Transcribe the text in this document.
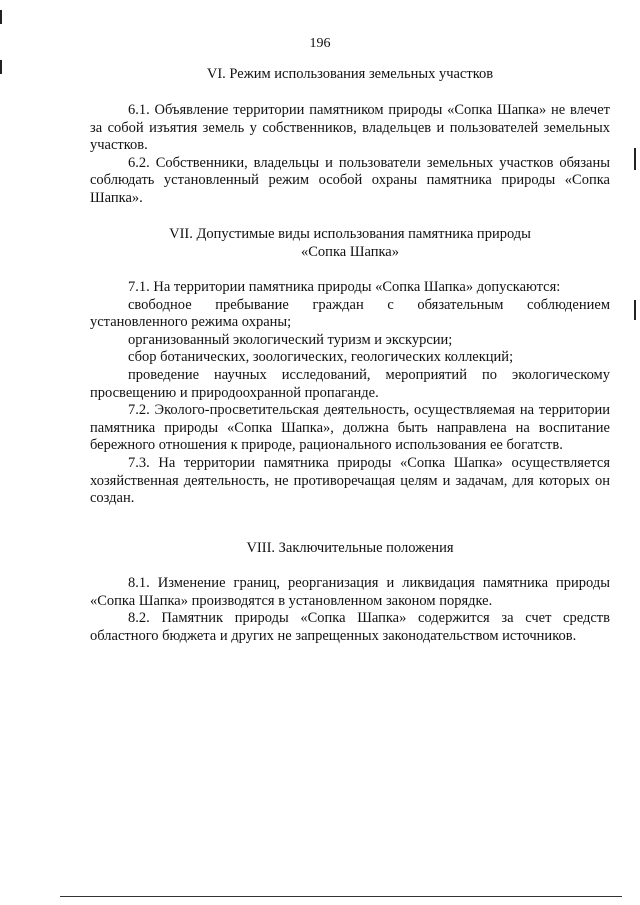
196
VI. Режим использования земельных участков

6.1. Объявление территории памятником природы «Сопка Шапка» не влечет за собой изъятия земель у собственников, владельцев и пользователей земельных участков.

6.2. Собственники, владельцы и пользователи земельных участков обязаны соблюдать установленный режим особой охраны памятника природы «Сопка Шапка».

VII. Допустимые виды использования памятника природы
«Сопка Шапка»

7.1. На территории памятника природы «Сопка Шапка» допускаются:

свободное пребывание граждан с обязательным соблюдением установленного режима охраны;

организованный экологический туризм и экскурсии;

сбор ботанических, зоологических, геологических коллекций;

проведение научных исследований, мероприятий по экологическому просвещению и природоохранной пропаганде.

7.2. Эколого-просветительская деятельность, осуществляемая на территории памятника природы «Сопка Шапка», должна быть направлена на воспитание бережного отношения к природе, рационального использования ее богатств.

7.3. На территории памятника природы «Сопка Шапка» осуществляется хозяйственная деятельность, не противоречащая целям и задачам, для которых он создан.

VIII. Заключительные положения

8.1. Изменение границ, реорганизация и ликвидация памятника природы «Сопка Шапка» производятся в установленном законом порядке.

8.2. Памятник природы «Сопка Шапка» содержится за счет средств областного бюджета и других не запрещенных законодательством источников.
